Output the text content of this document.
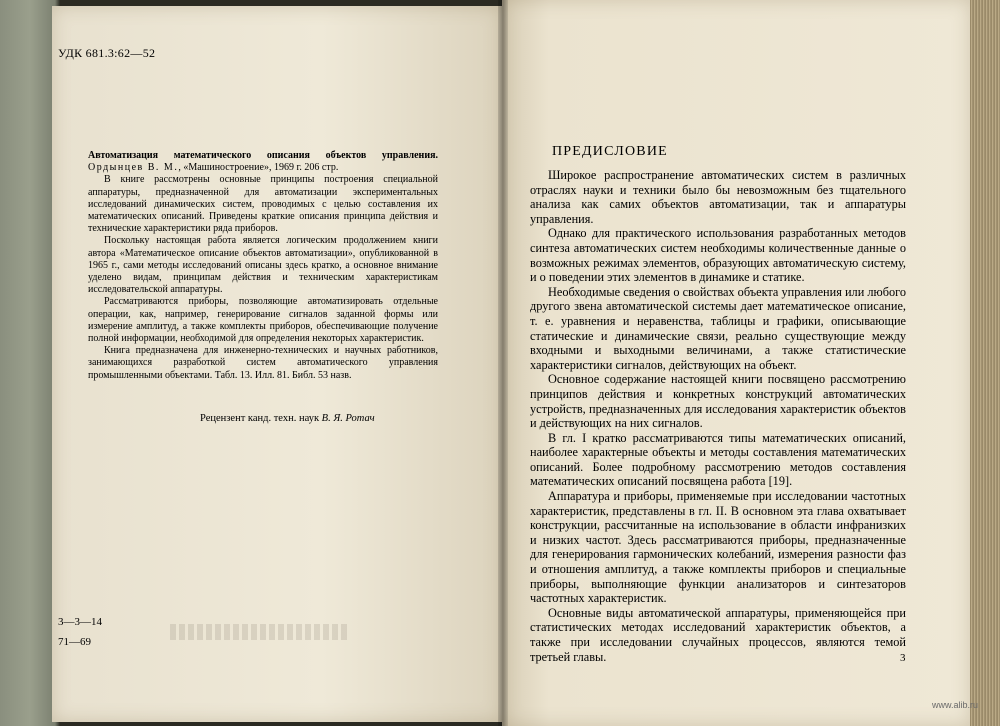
УДК 681.3:62—52

Автоматизация математического описания объектов управления. Ордынцев В. М., «Машиностроение», 1969 г. 206 стр.

В книге рассмотрены основные принципы построения специальной аппаратуры, предназначенной для автоматизации экспериментальных исследований динамических систем, проводимых с целью составления их математических описаний. Приведены краткие описания принципа действия и технические характеристики ряда приборов.

Поскольку настоящая работа является логическим продолжением книги автора «Математическое описание объектов автоматизации», опубликованной в 1965 г., сами методы исследований описаны здесь кратко, а основное внимание уделено видам, принципам действия и техническим характеристикам исследовательской аппаратуры.

Рассматриваются приборы, позволяющие автоматизировать отдельные операции, как, например, генерирование сигналов заданной формы или измерение амплитуд, а также комплекты приборов, обеспечивающие получение полной информации, необходимой для определения некоторых характеристик.

Книга предназначена для инженерно-технических и научных работников, занимающихся разработкой систем автоматического управления промышленными объектами. Табл. 13. Илл. 81. Библ. 53 назв.

Рецензент канд. техн. наук В. Я. Ротач
3—3—14
71—69
ПРЕДИСЛОВИЕ

Широкое распространение автоматических систем в различных отраслях науки и техники было бы невозможным без тщательного анализа как самих объектов автоматизации, так и аппаратуры управления.

Однако для практического использования разработанных методов синтеза автоматических систем необходимы количественные данные о возможных режимах элементов, образующих автоматическую систему, и о поведении этих элементов в динамике и статике.

Необходимые сведения о свойствах объекта управления или любого другого звена автоматической системы дает математическое описание, т. е. уравнения и неравенства, таблицы и графики, описывающие статические и динамические связи, реально существующие между входными и выходными величинами, а также статистические характеристики сигналов, действующих на объект.

Основное содержание настоящей книги посвящено рассмотрению принципов действия и конкретных конструкций автоматических устройств, предназначенных для исследования характеристик объектов и действующих на них сигналов.

В гл. I кратко рассматриваются типы математических описаний, наиболее характерные объекты и методы составления математических описаний. Более подробному рассмотрению методов составления математических описаний посвящена работа [19].

Аппаратура и приборы, применяемые при исследовании частотных характеристик, представлены в гл. II. В основном эта глава охватывает конструкции, рассчитанные на использование в области инфранизких и низких частот. Здесь рассматриваются приборы, предназначенные для генерирования гармонических колебаний, измерения разности фаз и отношения амплитуд, а также комплекты приборов и специальные приборы, выполняющие функции анализаторов и синтезаторов частотных характеристик.

Основные виды автоматической аппаратуры, применяющейся при статистических методах исследований характеристик объектов, а также при исследовании случайных процессов, являются темой третьей главы.	3
www.alib.ru
